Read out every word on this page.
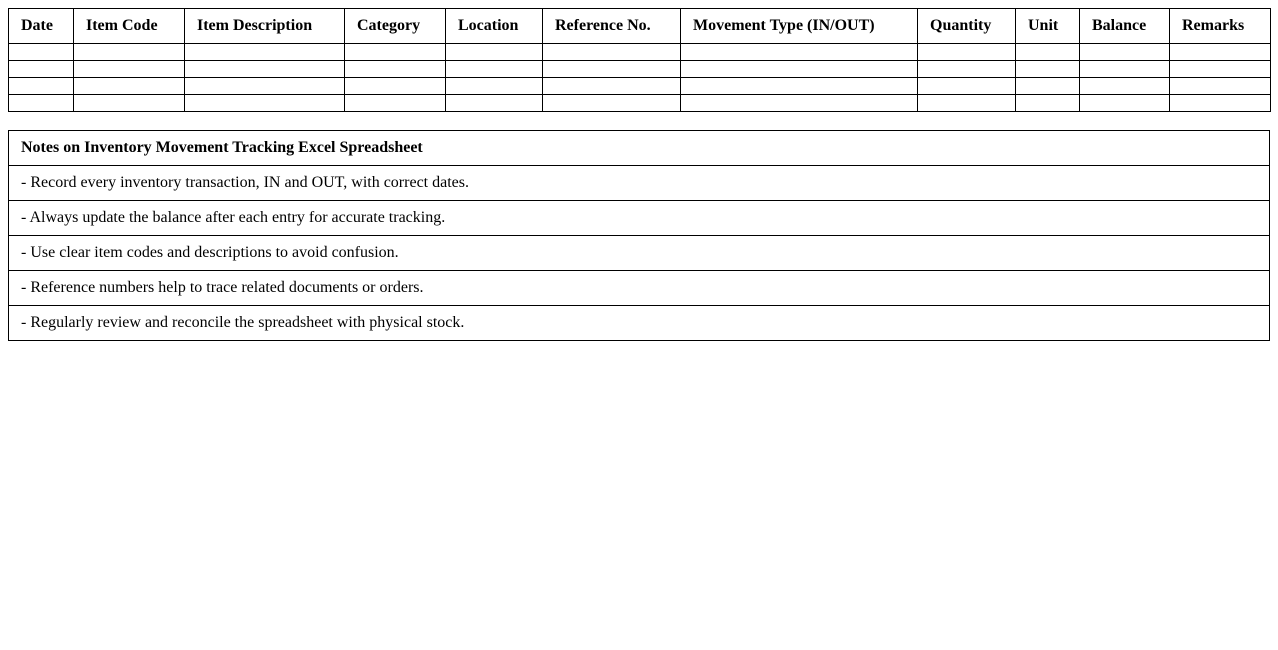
Date	Item Code	Item Description	Category	Location	Reference No.	Movement Type (IN/OUT)	Quantity	Unit	Balance	Remarks

Notes on Inventory Movement Tracking Excel Spreadsheet
- Record every inventory transaction, IN and OUT, with correct dates.
- Always update the balance after each entry for accurate tracking.
- Use clear item codes and descriptions to avoid confusion.
- Reference numbers help to trace related documents or orders.
- Regularly review and reconcile the spreadsheet with physical stock.
